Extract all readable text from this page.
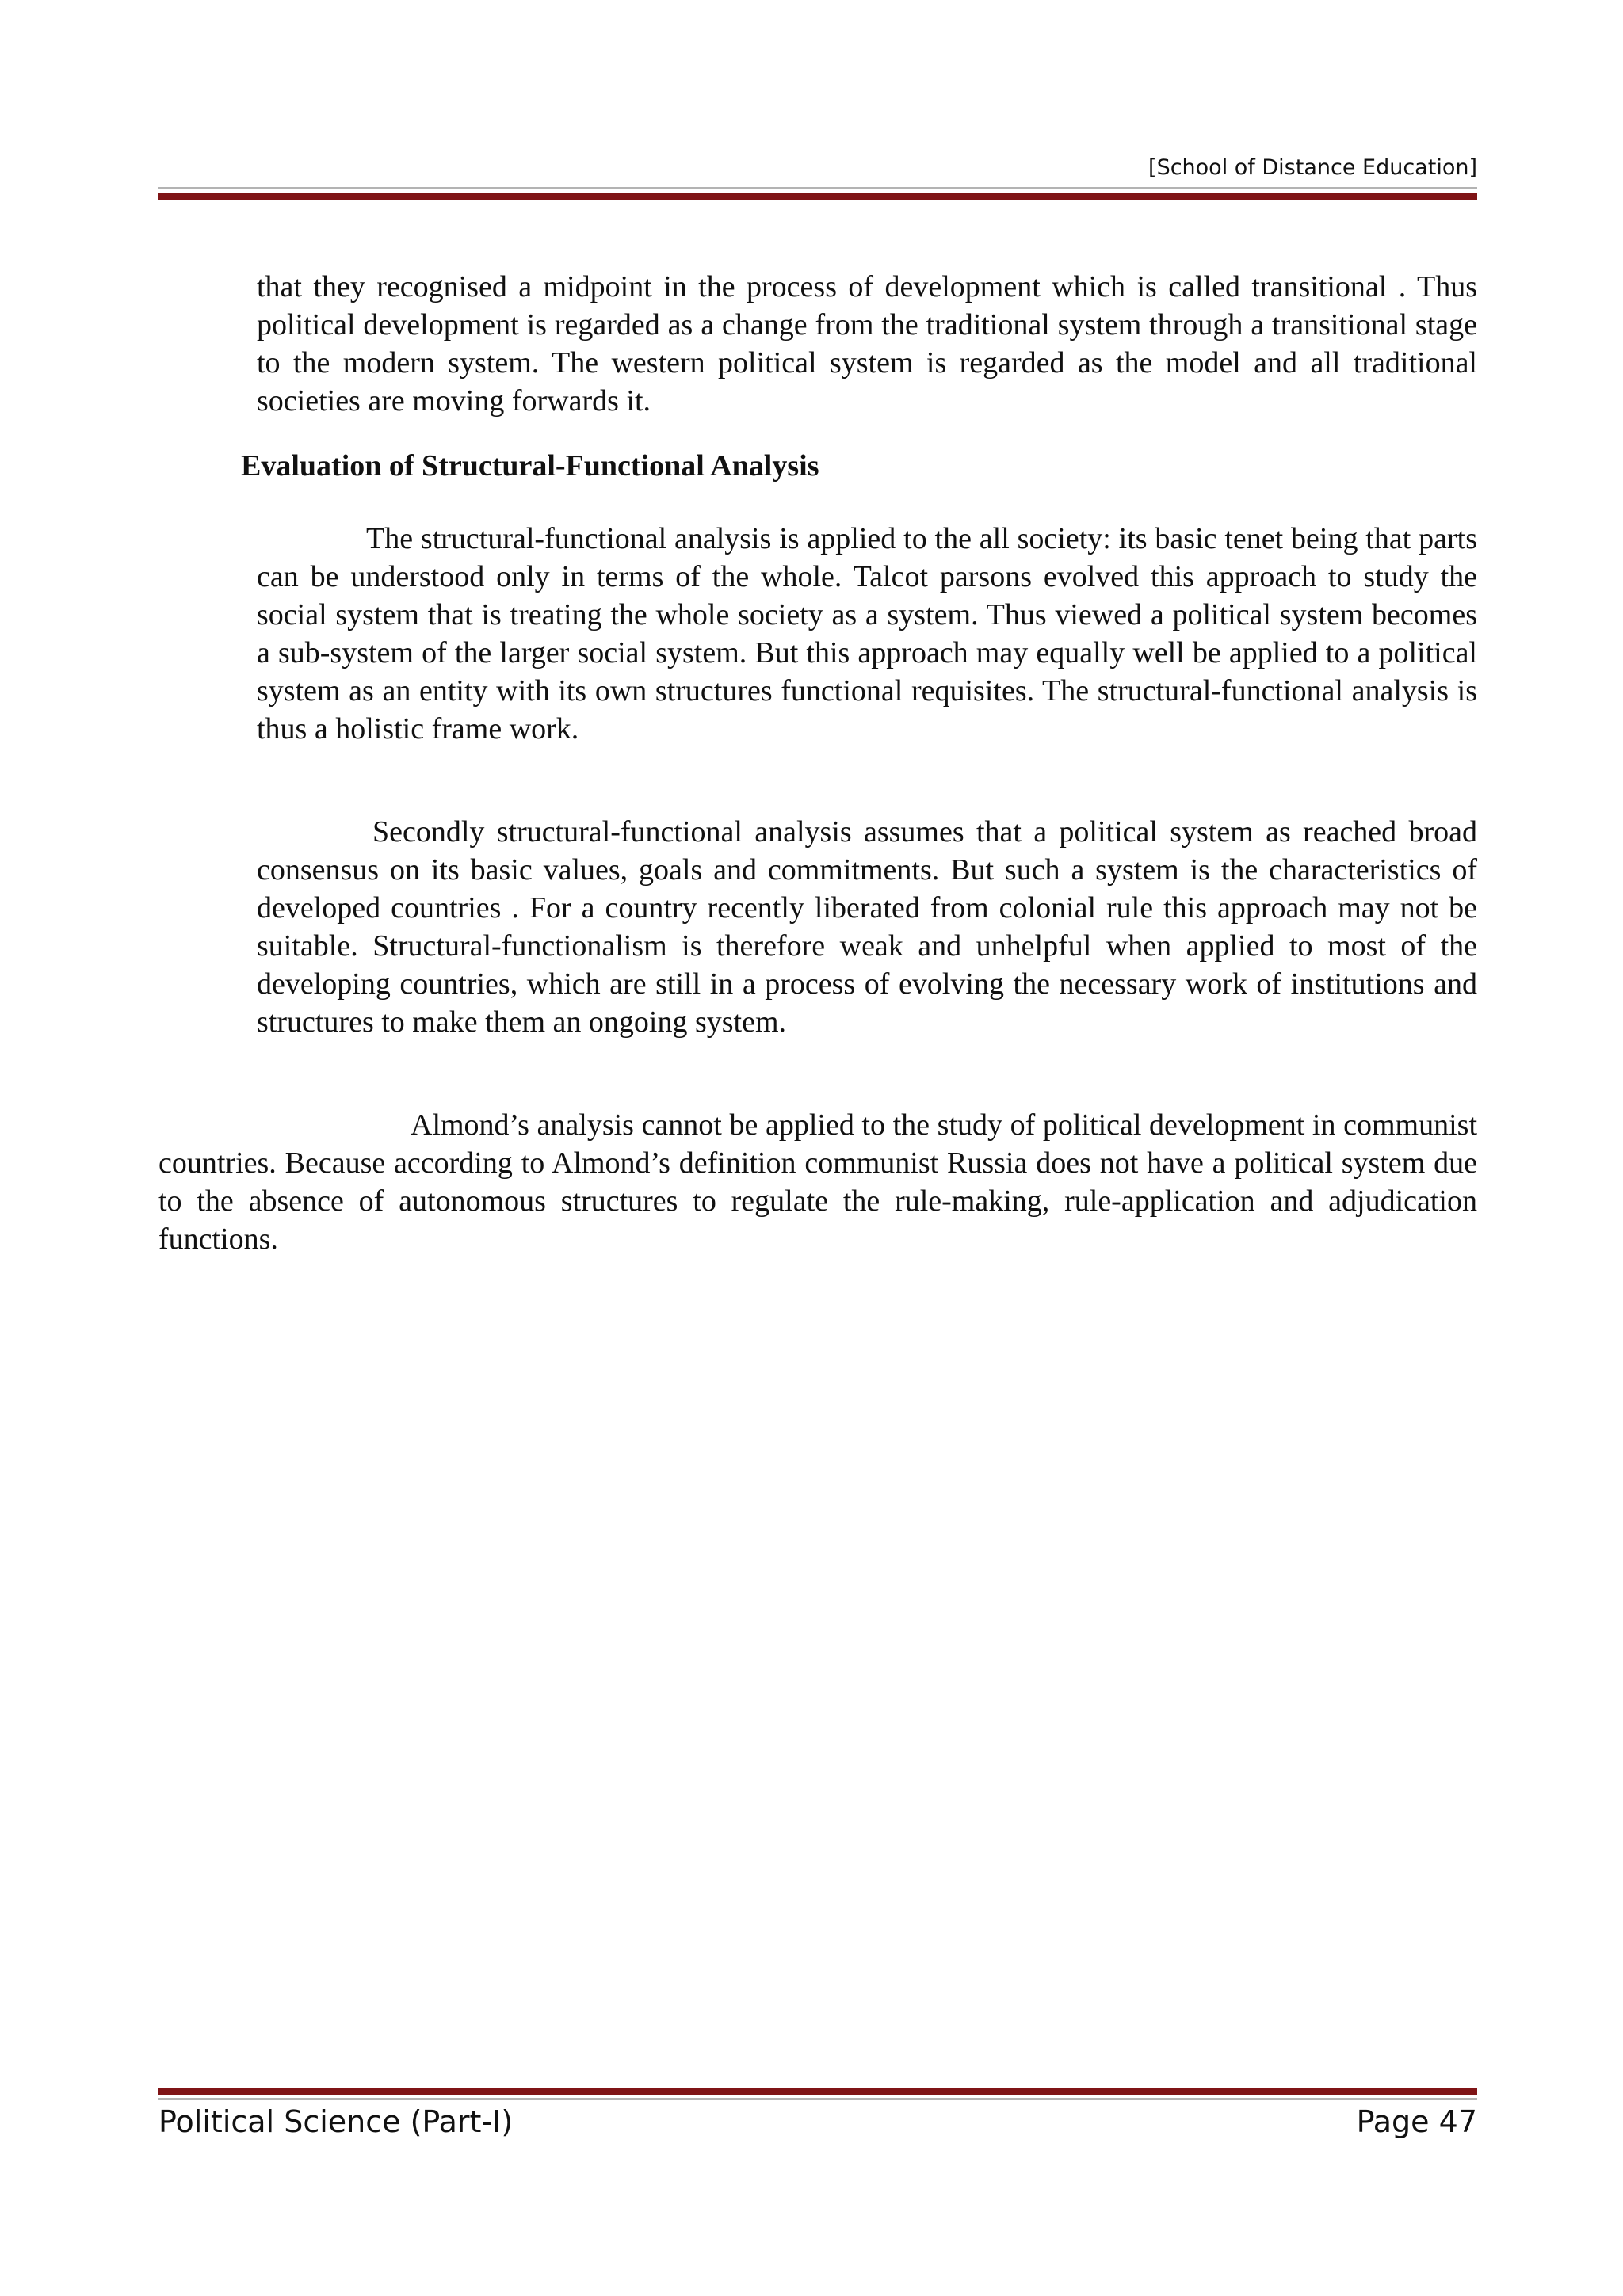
[School of Distance Education]

that they recognised a midpoint in the process of development which is called transitional . Thus political development is regarded as a change from the traditional system through a transitional stage to the modern system. The western political system is regarded as the model and all traditional societies are moving forwards it.

Evaluation of Structural-Functional Analysis

The structural-functional analysis is applied to the all society: its basic tenet being that parts can be understood only in terms of the whole. Talcot parsons evolved this approach to study the social system that is treating the whole society as a system. Thus viewed a political system becomes a sub-system of the larger social system. But this approach may equally well be applied to a political system as an entity with its own structures functional requisites. The structural-functional analysis is thus a holistic frame work.

Secondly structural-functional analysis assumes that a political system as reached broad consensus on its basic values, goals and commitments. But such a system is the characteristics of developed countries . For a country recently liberated from colonial rule this approach may not be suitable. Structural-functionalism is therefore weak and unhelpful when applied to most of the developing countries, which are still in a process of evolving the necessary work of institutions and structures to make them an ongoing system.

Almond’s analysis cannot be applied to the study of political development in communist countries. Because according to Almond’s definition communist Russia does not have a political system due to the absence of autonomous structures to regulate the rule-making, rule-application and adjudication functions.

Political Science (Part-I)	Page 47
